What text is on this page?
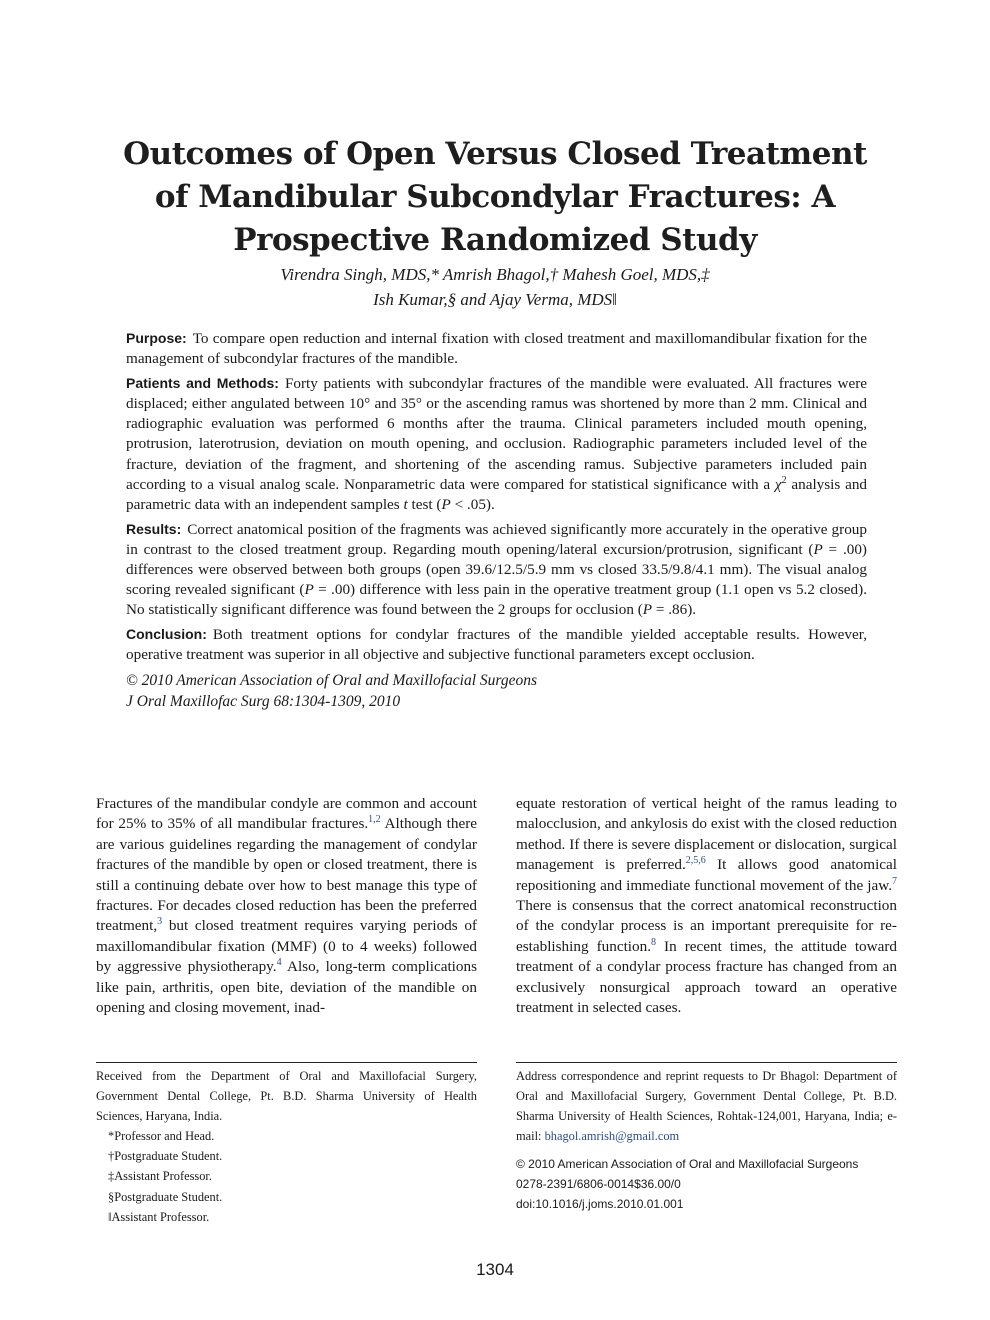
Outcomes of Open Versus Closed Treatment of Mandibular Subcondylar Fractures: A Prospective Randomized Study
Virendra Singh, MDS,* Amrish Bhagol,† Mahesh Goel, MDS,‡
Ish Kumar,§ and Ajay Verma, MDS‖

Purpose: To compare open reduction and internal fixation with closed treatment and maxillomandibular fixation for the management of subcondylar fractures of the mandible.

Patients and Methods: Forty patients with subcondylar fractures of the mandible were evaluated. All fractures were displaced; either angulated between 10° and 35° or the ascending ramus was shortened by more than 2 mm. Clinical and radiographic evaluation was performed 6 months after the trauma. Clinical parameters included mouth opening, protrusion, laterotrusion, deviation on mouth opening, and occlusion. Radiographic parameters included level of the fracture, deviation of the fragment, and shortening of the ascending ramus. Subjective parameters included pain according to a visual analog scale. Nonparametric data were compared for statistical significance with a $\chi^2$ analysis and parametric data with an independent samples t test (P < .05).

Results: Correct anatomical position of the fragments was achieved significantly more accurately in the operative group in contrast to the closed treatment group. Regarding mouth opening/lateral excursion/protrusion, significant (P = .00) differences were observed between both groups (open 39.6/12.5/5.9 mm vs closed 33.5/9.8/4.1 mm). The visual analog scoring revealed significant (P = .00) difference with less pain in the operative treatment group (1.1 open vs 5.2 closed). No statistically significant difference was found between the 2 groups for occlusion (P = .86).

Conclusion: Both treatment options for condylar fractures of the mandible yielded acceptable results. However, operative treatment was superior in all objective and subjective functional parameters except occlusion.

© 2010 American Association of Oral and Maxillofacial Surgeons

J Oral Maxillofac Surg 68:1304-1309, 2010

Fractures of the mandibular condyle are common and account for 25% to 35% of all mandibular fractures.$^{1,2}$ Although there are various guidelines regarding the management of condylar fractures of the mandible by open or closed treatment, there is still a continuing debate over how to best manage this type of fractures. For decades closed reduction has been the preferred treatment,$^3$ but closed treatment requires varying periods of maxillomandibular fixation (MMF) (0 to 4 weeks) followed by aggressive physiotherapy.$^4$ Also, long-term complications like pain, arthritis, open bite, deviation of the mandible on opening and closing movement, inad-
equate restoration of vertical height of the ramus leading to malocclusion, and ankylosis do exist with the closed reduction method. If there is severe displacement or dislocation, surgical management is preferred.$^{2,5,6}$ It allows good anatomical repositioning and immediate functional movement of the jaw.$^7$ There is consensus that the correct anatomical reconstruction of the condylar process is an important prerequisite for re-establishing function.$^8$ In recent times, the attitude toward treatment of a condylar process fracture has changed from an exclusively nonsurgical approach toward an operative treatment in selected cases.
Received from the Department of Oral and Maxillofacial Surgery, Government Dental College, Pt. B.D. Sharma University of Health Sciences, Haryana, India.
*Professor and Head.
†Postgraduate Student.
‡Assistant Professor.
§Postgraduate Student.
‖Assistant Professor.
Address correspondence and reprint requests to Dr Bhagol: Department of Oral and Maxillofacial Surgery, Government Dental College, Pt. B.D. Sharma University of Health Sciences, Rohtak-124,001, Haryana, India; e-mail: bhagol.amrish@gmail.com
© 2010 American Association of Oral and Maxillofacial Surgeons
0278-2391/6806-0014$36.00/0
doi:10.1016/j.joms.2010.01.001
1304
